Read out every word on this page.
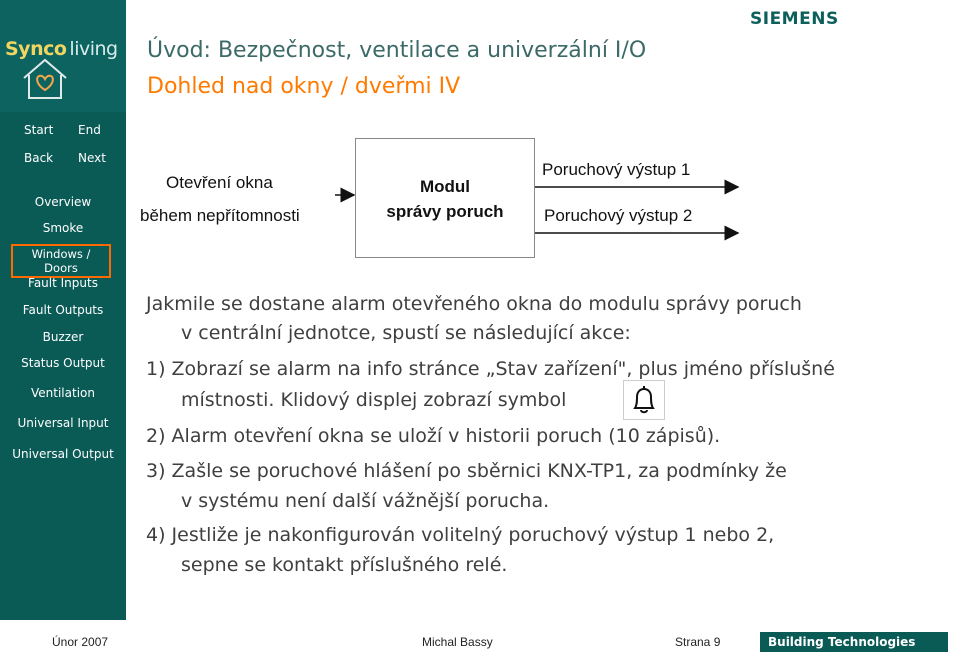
Synco living
Start End
Back Next
Overview
Smoke
Windows / Doors
Fault Inputs
Fault Outputs
Buzzer
Status Output
Ventilation
Universal Input
Universal Output
SIEMENS
Úvod: Bezpečnost, ventilace a univerzální I/O
Dohled nad okny / dveřmi IV
Otevření okna
během nepřítomnosti
Modul
správy poruch
Poruchový výstup 1
Poruchový výstup 2
Jakmile se dostane alarm otevřeného okna do modulu správy poruch
v centrální jednotce, spustí se následující akce:
1) Zobrazí se alarm na info stránce „Stav zařízení", plus jméno příslušné
místnosti. Klidový displej zobrazí symbol
2) Alarm otevření okna se uloží v historii poruch (10 zápisů).
3) Zašle se poruchové hlášení po sběrnici KNX-TP1, za podmínky že
v systému není další vážnější porucha.
4) Jestliže je nakonfigurován volitelný poruchový výstup 1 nebo 2,
sepne se kontakt příslušného relé.
Únor 2007	Michal Bassy	Strana 9	Building Technologies
